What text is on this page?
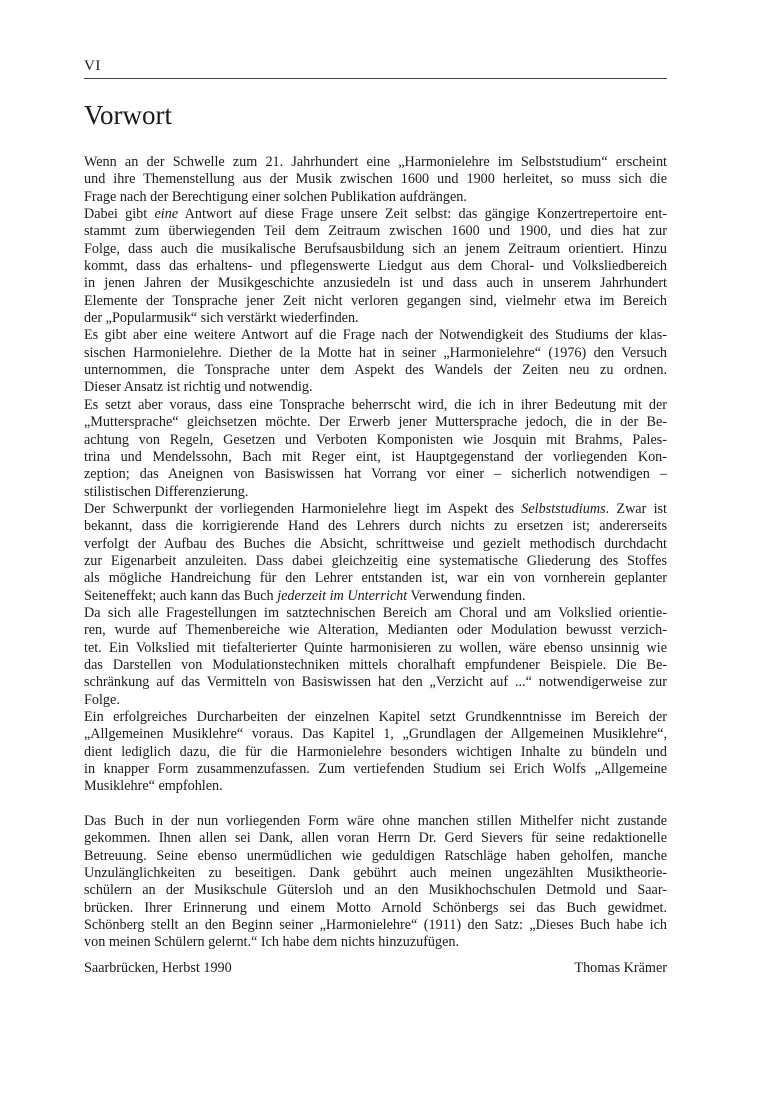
VI
Vorwort
Wenn an der Schwelle zum 21. Jahrhundert eine „Harmonielehre im Selbststudium“ erscheint
und ihre Themenstellung aus der Musik zwischen 1600 und 1900 herleitet, so muss sich die
Frage nach der Berechtigung einer solchen Publikation aufdrängen.
Dabei gibt eine Antwort auf diese Frage unsere Zeit selbst: das gängige Konzertrepertoire ent-
stammt zum überwiegenden Teil dem Zeitraum zwischen 1600 und 1900, und dies hat zur
Folge, dass auch die musikalische Berufsausbildung sich an jenem Zeitraum orientiert. Hinzu
kommt, dass das erhaltens- und pflegenswerte Liedgut aus dem Choral- und Volksliedbereich
in jenen Jahren der Musikgeschichte anzusiedeln ist und dass auch in unserem Jahrhundert
Elemente der Tonsprache jener Zeit nicht verloren gegangen sind, vielmehr etwa im Bereich
der „Popularmusik“ sich verstärkt wiederfinden.
Es gibt aber eine weitere Antwort auf die Frage nach der Notwendigkeit des Studiums der klas-
sischen Harmonielehre. Diether de la Motte hat in seiner „Harmonielehre“ (1976) den Versuch
unternommen, die Tonsprache unter dem Aspekt des Wandels der Zeiten neu zu ordnen.
Dieser Ansatz ist richtig und notwendig.
Es setzt aber voraus, dass eine Tonsprache beherrscht wird, die ich in ihrer Bedeutung mit der
„Muttersprache“ gleichsetzen möchte. Der Erwerb jener Muttersprache jedoch, die in der Be-
achtung von Regeln, Gesetzen und Verboten Komponisten wie Josquin mit Brahms, Pales-
trina und Mendelssohn, Bach mit Reger eint, ist Hauptgegenstand der vorliegenden Kon-
zeption; das Aneignen von Basiswissen hat Vorrang vor einer – sicherlich notwendigen –
stilistischen Differenzierung.
Der Schwerpunkt der vorliegenden Harmonielehre liegt im Aspekt des Selbststudiums. Zwar ist
bekannt, dass die korrigierende Hand des Lehrers durch nichts zu ersetzen ist; andererseits
verfolgt der Aufbau des Buches die Absicht, schrittweise und gezielt methodisch durchdacht
zur Eigenarbeit anzuleiten. Dass dabei gleichzeitig eine systematische Gliederung des Stoffes
als mögliche Handreichung für den Lehrer entstanden ist, war ein von vornherein geplanter
Seiteneffekt; auch kann das Buch jederzeit im Unterricht Verwendung finden.
Da sich alle Fragestellungen im satztechnischen Bereich am Choral und am Volkslied orientie-
ren, wurde auf Themenbereiche wie Alteration, Medianten oder Modulation bewusst verzich-
tet. Ein Volkslied mit tiefalterierter Quinte harmonisieren zu wollen, wäre ebenso unsinnig wie
das Darstellen von Modulationstechniken mittels choralhaft empfundener Beispiele. Die Be-
schränkung auf das Vermitteln von Basiswissen hat den „Verzicht auf ...“ notwendigerweise zur
Folge.
Ein erfolgreiches Durcharbeiten der einzelnen Kapitel setzt Grundkenntnisse im Bereich der
„Allgemeinen Musiklehre“ voraus. Das Kapitel 1, „Grundlagen der Allgemeinen Musiklehre“,
dient lediglich dazu, die für die Harmonielehre besonders wichtigen Inhalte zu bündeln und
in knapper Form zusammenzufassen. Zum vertiefenden Studium sei Erich Wolfs „Allgemeine
Musiklehre“ empfohlen.
Das Buch in der nun vorliegenden Form wäre ohne manchen stillen Mithelfer nicht zustande
gekommen. Ihnen allen sei Dank, allen voran Herrn Dr. Gerd Sievers für seine redaktionelle
Betreuung. Seine ebenso unermüdlichen wie geduldigen Ratschläge haben geholfen, manche
Unzulänglichkeiten zu beseitigen. Dank gebührt auch meinen ungezählten Musiktheorie-
schülern an der Musikschule Gütersloh und an den Musikhochschulen Detmold und Saar-
brücken. Ihrer Erinnerung und einem Motto Arnold Schönbergs sei das Buch gewidmet.
Schönberg stellt an den Beginn seiner „Harmonielehre“ (1911) den Satz: „Dieses Buch habe ich
von meinen Schülern gelernt.“ Ich habe dem nichts hinzuzufügen.
Saarbrücken, Herbst 1990	Thomas Krämer
